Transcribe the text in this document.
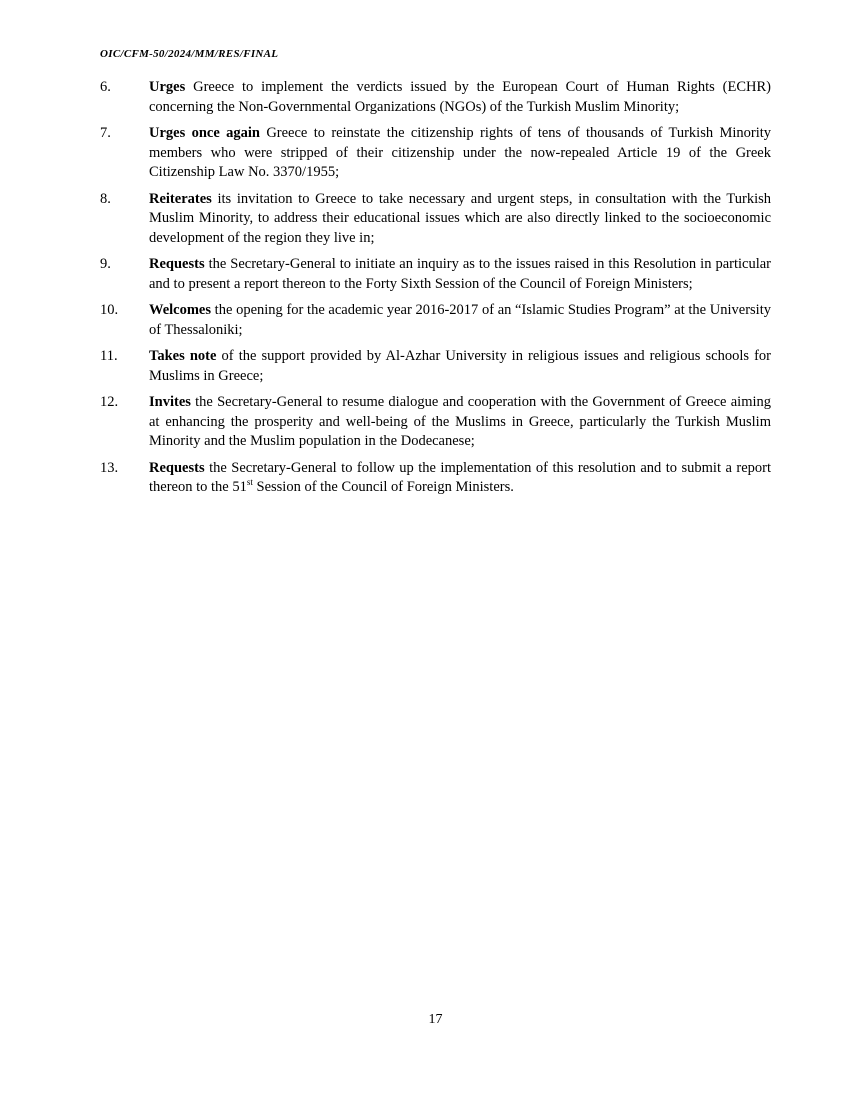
OIC/CFM-50/2024/MM/RES/FINAL
6.	Urges Greece to implement the verdicts issued by the European Court of Human Rights (ECHR) concerning the Non-Governmental Organizations (NGOs) of the Turkish Muslim Minority;

7.	Urges once again Greece to reinstate the citizenship rights of tens of thousands of Turkish Minority members who were stripped of their citizenship under the now-repealed Article 19 of the Greek Citizenship Law No. 3370/1955;

8.	Reiterates its invitation to Greece to take necessary and urgent steps, in consultation with the Turkish Muslim Minority, to address their educational issues which are also directly linked to the socioeconomic development of the region they live in;

9.	Requests the Secretary-General to initiate an inquiry as to the issues raised in this Resolution in particular and to present a report thereon to the Forty Sixth Session of the Council of Foreign Ministers;

10.	Welcomes the opening for the academic year 2016-2017 of an “Islamic Studies Program” at the University of Thessaloniki;

11.	Takes note of the support provided by Al-Azhar University in religious issues and religious schools for Muslims in Greece;

12.	Invites the Secretary-General to resume dialogue and cooperation with the Government of Greece aiming at enhancing the prosperity and well-being of the Muslims in Greece, particularly the Turkish Muslim Minority and the Muslim population in the Dodecanese;

13.	Requests the Secretary-General to follow up the implementation of this resolution and to submit a report thereon to the 51st Session of the Council of Foreign Ministers.

17
